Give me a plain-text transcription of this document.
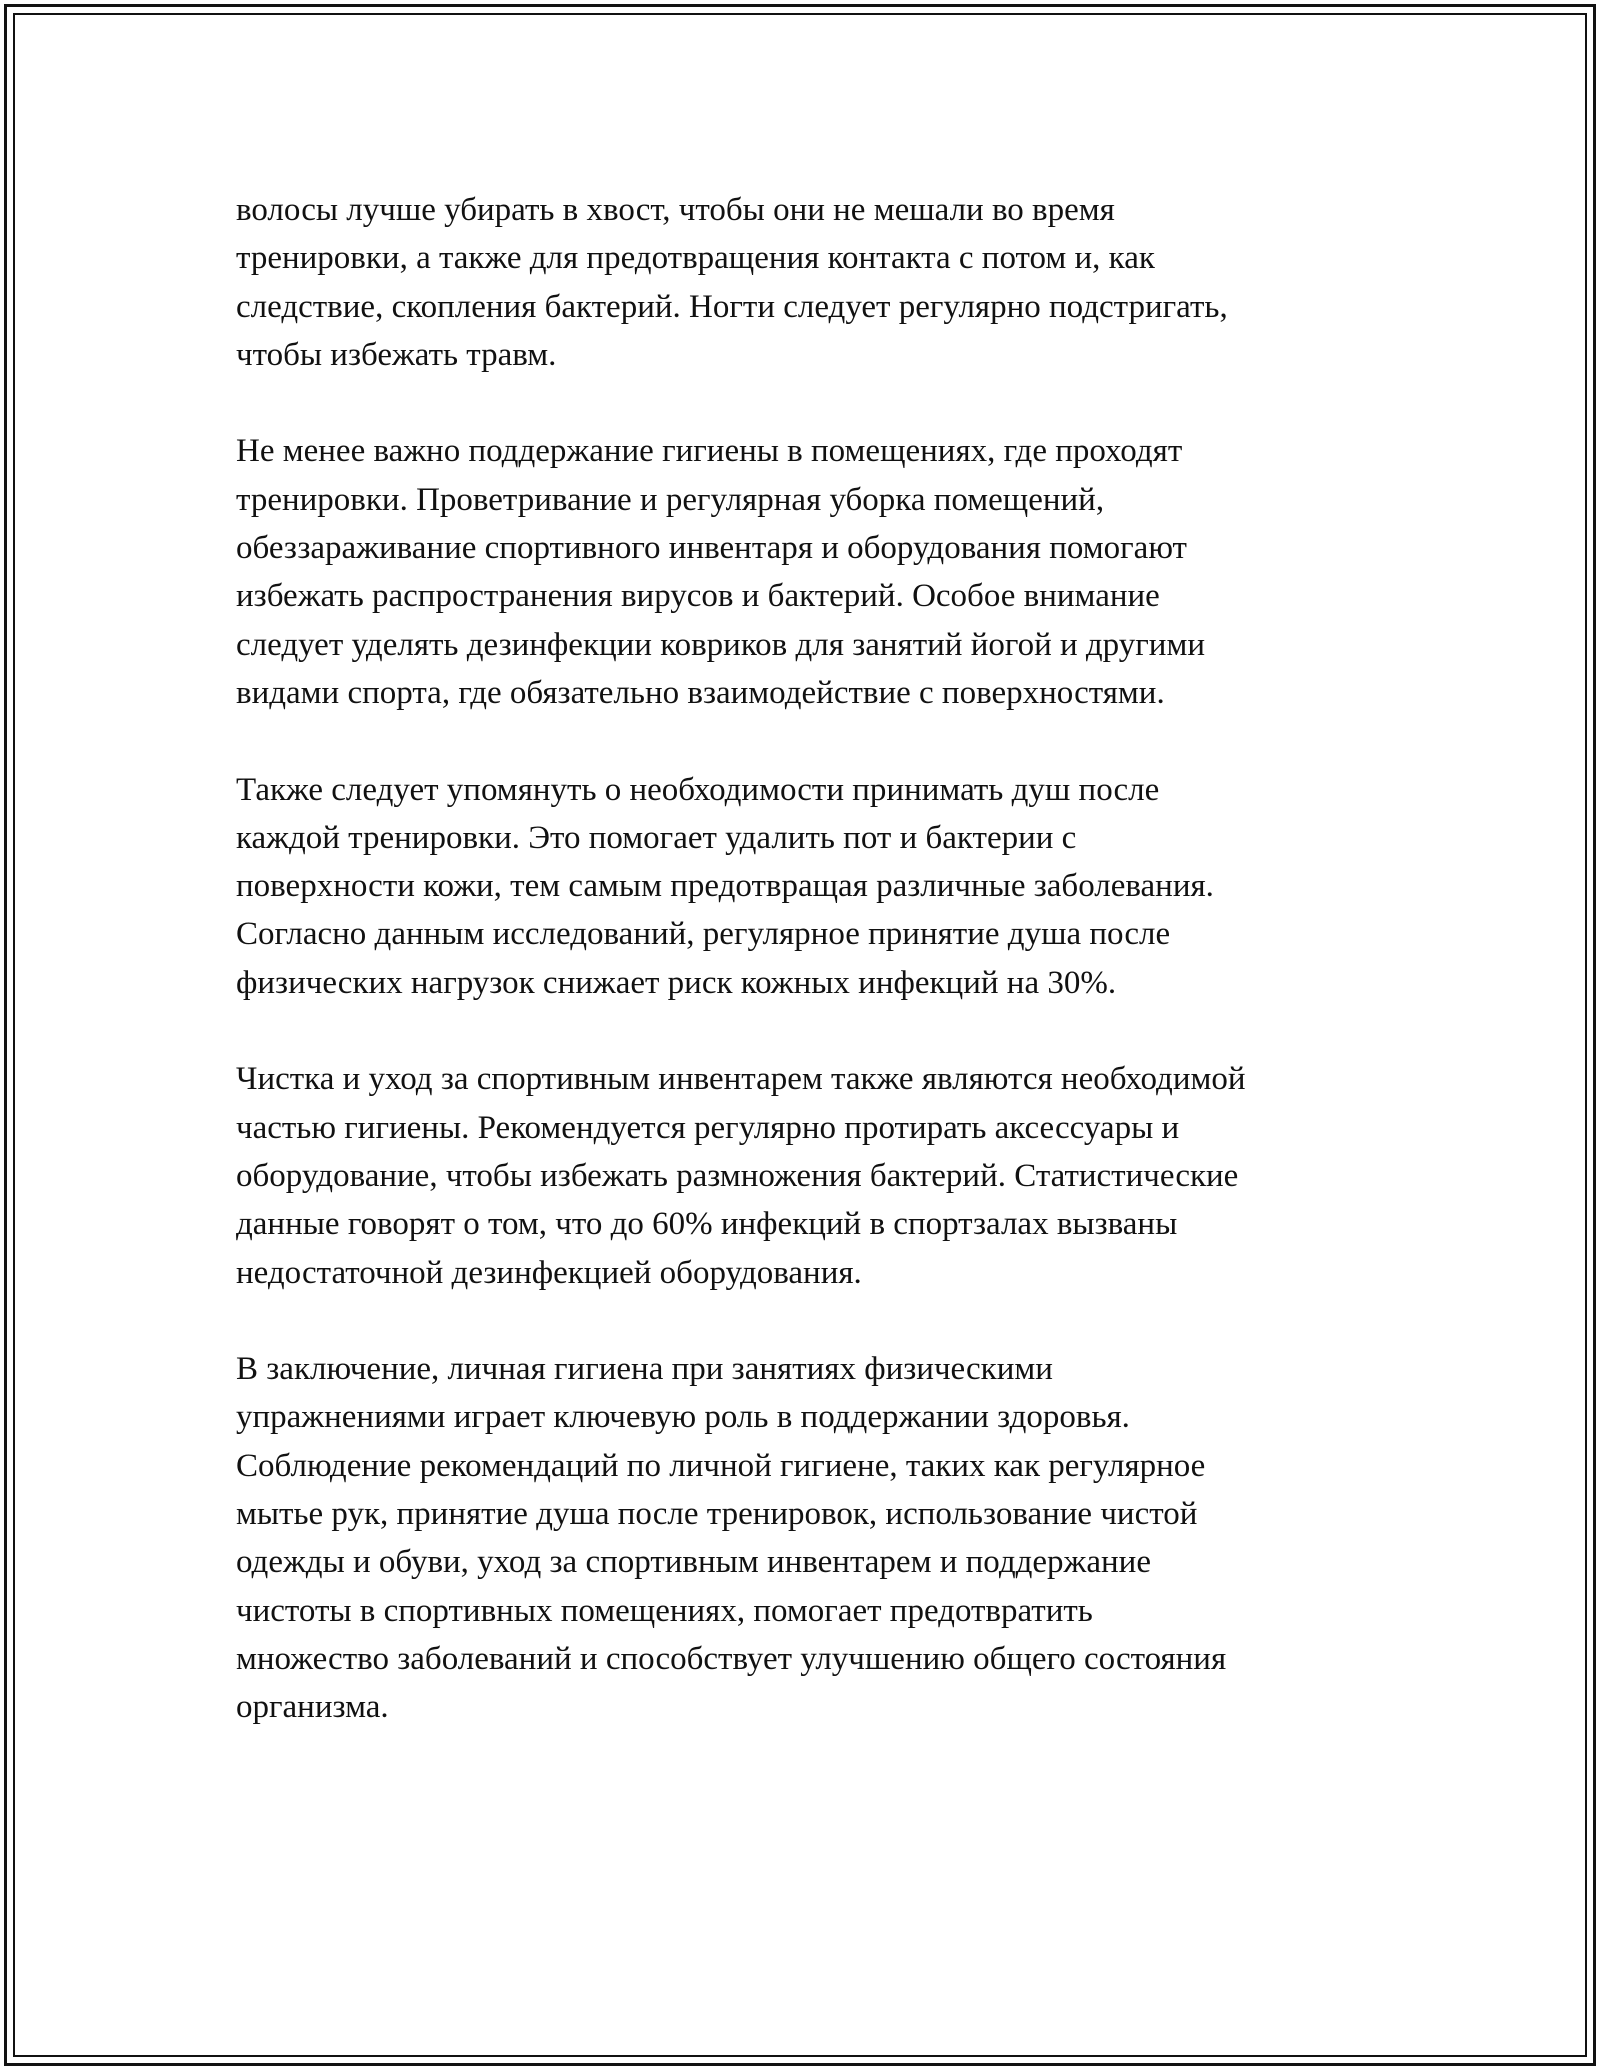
волосы лучше убирать в хвост, чтобы они не мешали во время
тренировки, а также для предотвращения контакта с потом и, как
следствие, скопления бактерий. Ногти следует регулярно подстригать,
чтобы избежать травм.

Не менее важно поддержание гигиены в помещениях, где проходят
тренировки. Проветривание и регулярная уборка помещений,
обеззараживание спортивного инвентаря и оборудования помогают
избежать распространения вирусов и бактерий. Особое внимание
следует уделять дезинфекции ковриков для занятий йогой и другими
видами спорта, где обязательно взаимодействие с поверхностями.

Также следует упомянуть о необходимости принимать душ после
каждой тренировки. Это помогает удалить пот и бактерии с
поверхности кожи, тем самым предотвращая различные заболевания.
Согласно данным исследований, регулярное принятие душа после
физических нагрузок снижает риск кожных инфекций на 30%.

Чистка и уход за спортивным инвентарем также являются необходимой
частью гигиены. Рекомендуется регулярно протирать аксессуары и
оборудование, чтобы избежать размножения бактерий. Статистические
данные говорят о том, что до 60% инфекций в спортзалах вызваны
недостаточной дезинфекцией оборудования.

В заключение, личная гигиена при занятиях физическими
упражнениями играет ключевую роль в поддержании здоровья.
Соблюдение рекомендаций по личной гигиене, таких как регулярное
мытье рук, принятие душа после тренировок, использование чистой
одежды и обуви, уход за спортивным инвентарем и поддержание
чистоты в спортивных помещениях, помогает предотвратить
множество заболеваний и способствует улучшению общего состояния
организма.
